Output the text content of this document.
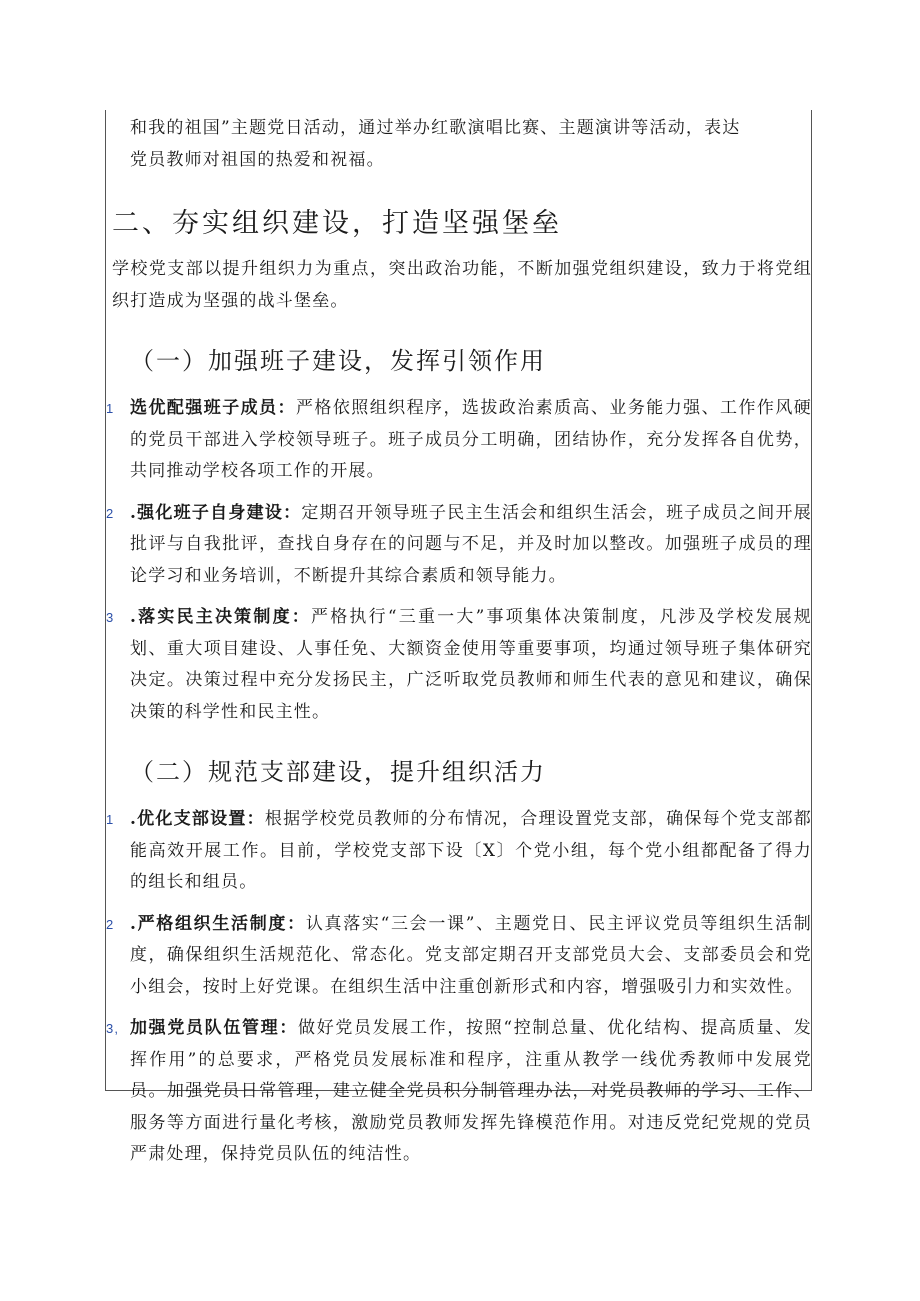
和我的祖国”主题党日活动，通过举办红歌演唱比赛、主题演讲等活动，表达

党员教师对祖国的热爱和祝福。

二、夯实组织建设，打造坚强堡垒

学校党支部以提升组织力为重点，突出政治功能，不断加强党组织建设，致力于将党组织打造成为坚强的战斗堡垒。

（一）加强班子建设，发挥引领作用
1 选优配强班子成员：严格依照组织程序，选拔政治素质高、业务能力强、工作作风硬的党员干部进入学校领导班子。班子成员分工明确，团结协作，充分发挥各自优势，共同推动学校各项工作的开展。
2 .强化班子自身建设：定期召开领导班子民主生活会和组织生活会，班子成员之间开展批评与自我批评，查找自身存在的问题与不足，并及时加以整改。加强班子成员的理论学习和业务培训，不断提升其综合素质和领导能力。
3 .落实民主决策制度：严格执行“三重一大”事项集体决策制度，凡涉及学校发展规划、重大项目建设、人事任免、大额资金使用等重要事项，均通过领导班子集体研究决定。决策过程中充分发扬民主，广泛听取党员教师和师生代表的意见和建议，确保决策的科学性和民主性。
（二）规范支部建设，提升组织活力
1 .优化支部设置：根据学校党员教师的分布情况，合理设置党支部，确保每个党支部都能高效开展工作。目前，学校党支部下设〔X〕个党小组，每个党小组都配备了得力的组长和组员。
2 .严格组织生活制度：认真落实“三会一课”、主题党日、民主评议党员等组织生活制度，确保组织生活规范化、常态化。党支部定期召开支部党员大会、支部委员会和党小组会，按时上好党课。在组织生活中注重创新形式和内容，增强吸引力和实效性。
3, 加强党员队伍管理：做好党员发展工作，按照“控制总量、优化结构、提高质量、发挥作用”的总要求，严格党员发展标准和程序，注重从教学一线优秀教师中发展党员。加强党员日常管理，建立健全党员积分制管理办法，对党员教师的学习、工作、服务等方面进行量化考核，激励党员教师发挥先锋模范作用。对违反党纪党规的党员严肃处理，保持党员队伍的纯洁性。
